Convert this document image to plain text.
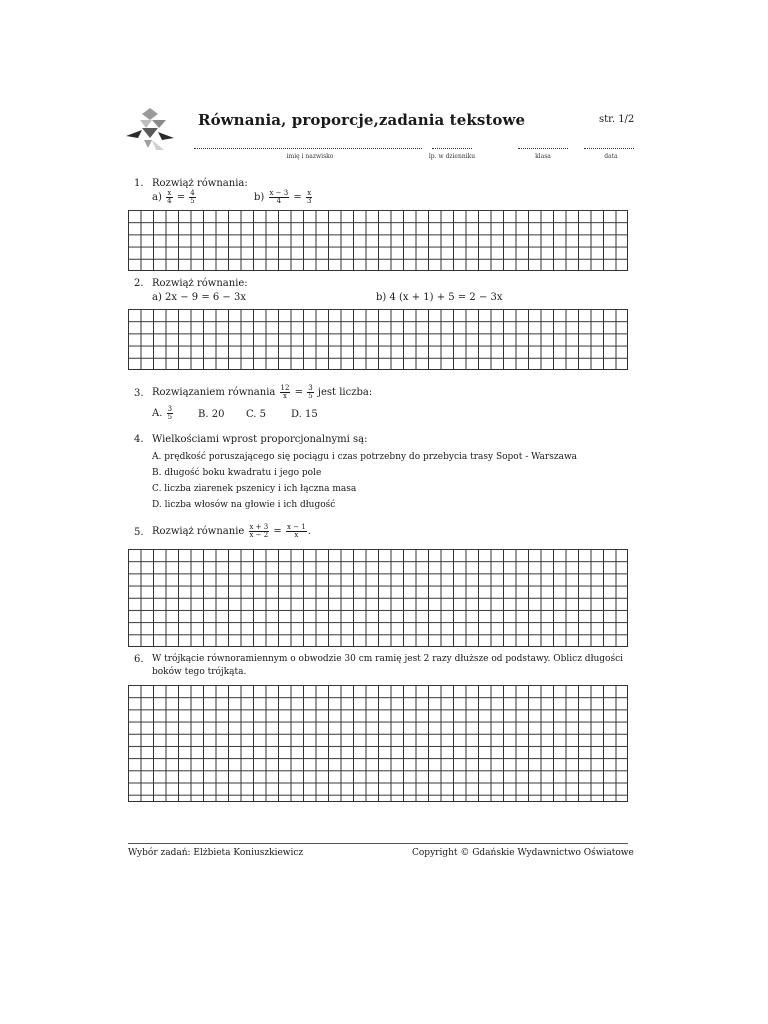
Równania, proporcje,zadania tekstowe	str. 1/2
imię i nazwisko	lp. w dzienniku	klasa	data
1. Rozwiąż równania:
$a) \frac{x}{4} = \frac{4}{5}$	$b) \frac{x - 3}{4} = \frac{x}{3}$
2. Rozwiąż równanie:
a) 2x − 9 = 6 − 3x	b) 4 (x + 1) + 5 = 2 − 3x
3. Rozwiązaniem równania $\frac{12}{x} = \frac{3}{5}$ jest liczba:
A. $\frac{3}{5} B$. 20 C. 5 D. 15
4. Wielkościami wprost proporcjonalnymi są:
A. prędkość poruszającego się pociągu i czas potrzebny do przebycia trasy Sopot - Warszawa
B. długość boku kwadratu i jego pole
C. liczba ziarenek pszenicy i ich łączna masa
D. liczba włosów na głowie i ich długość
5. Rozwiąż równanie $\frac{x + 3}{x - 2} = \frac{x - 1}{x}$ .
6. W trójkącie równoramiennym o obwodzie 30 cm ramię jest 2 razy dłuższe od podstawy. Oblicz długości
boków tego trójkąta.
Wybór zadań: Elżbieta Koniuszkiewicz	Copyright © Gdańskie Wydawnictwo Oświatowe
